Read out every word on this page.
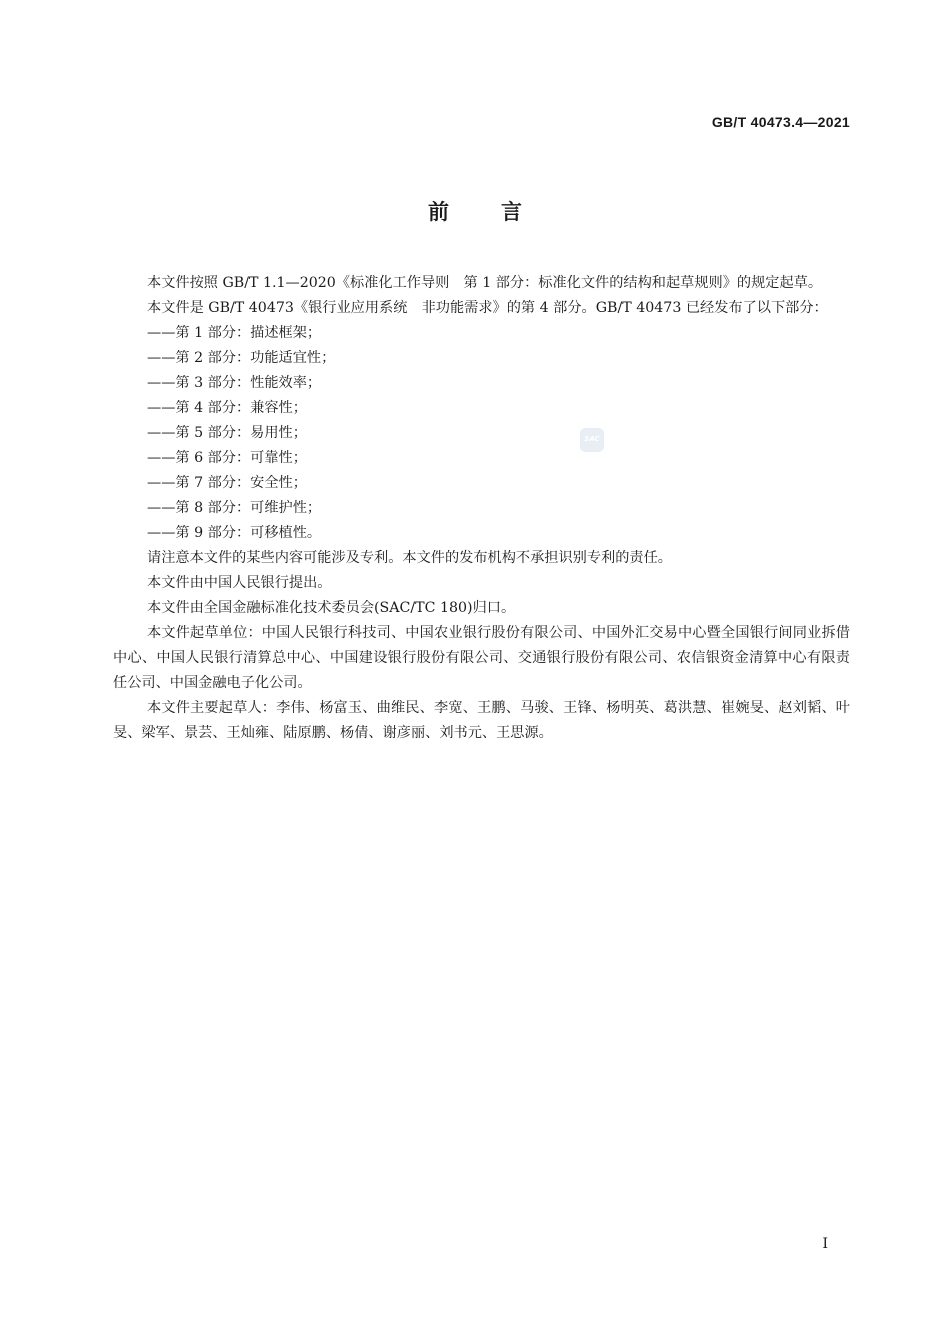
GB/T 40473.4—2021
前言
SAC

本文件按照 GB/T 1.1—2020《标准化工作导则　第 1 部分：标准化文件的结构和起草规则》的规定起草。

本文件是 GB/T 40473《银行业应用系统　非功能需求》的第 4 部分。GB/T 40473 已经发布了以下部分：

——第 1 部分：描述框架；
——第 2 部分：功能适宜性；
——第 3 部分：性能效率；
——第 4 部分：兼容性；
——第 5 部分：易用性；
——第 6 部分：可靠性；
——第 7 部分：安全性；
——第 8 部分：可维护性；
——第 9 部分：可移植性。

请注意本文件的某些内容可能涉及专利。本文件的发布机构不承担识别专利的责任。

本文件由中国人民银行提出。

本文件由全国金融标准化技术委员会(SAC/TC 180)归口。

本文件起草单位：中国人民银行科技司、中国农业银行股份有限公司、中国外汇交易中心暨全国银行间同业拆借中心、中国人民银行清算总中心、中国建设银行股份有限公司、交通银行股份有限公司、农信银资金清算中心有限责任公司、中国金融电子化公司。

本文件主要起草人：李伟、杨富玉、曲维民、李宽、王鹏、马骏、王锋、杨明英、葛洪慧、崔婉旻、赵刘韬、叶旻、梁军、景芸、王灿雍、陆原鹏、杨倩、谢彦丽、刘书元、王思源。

I
